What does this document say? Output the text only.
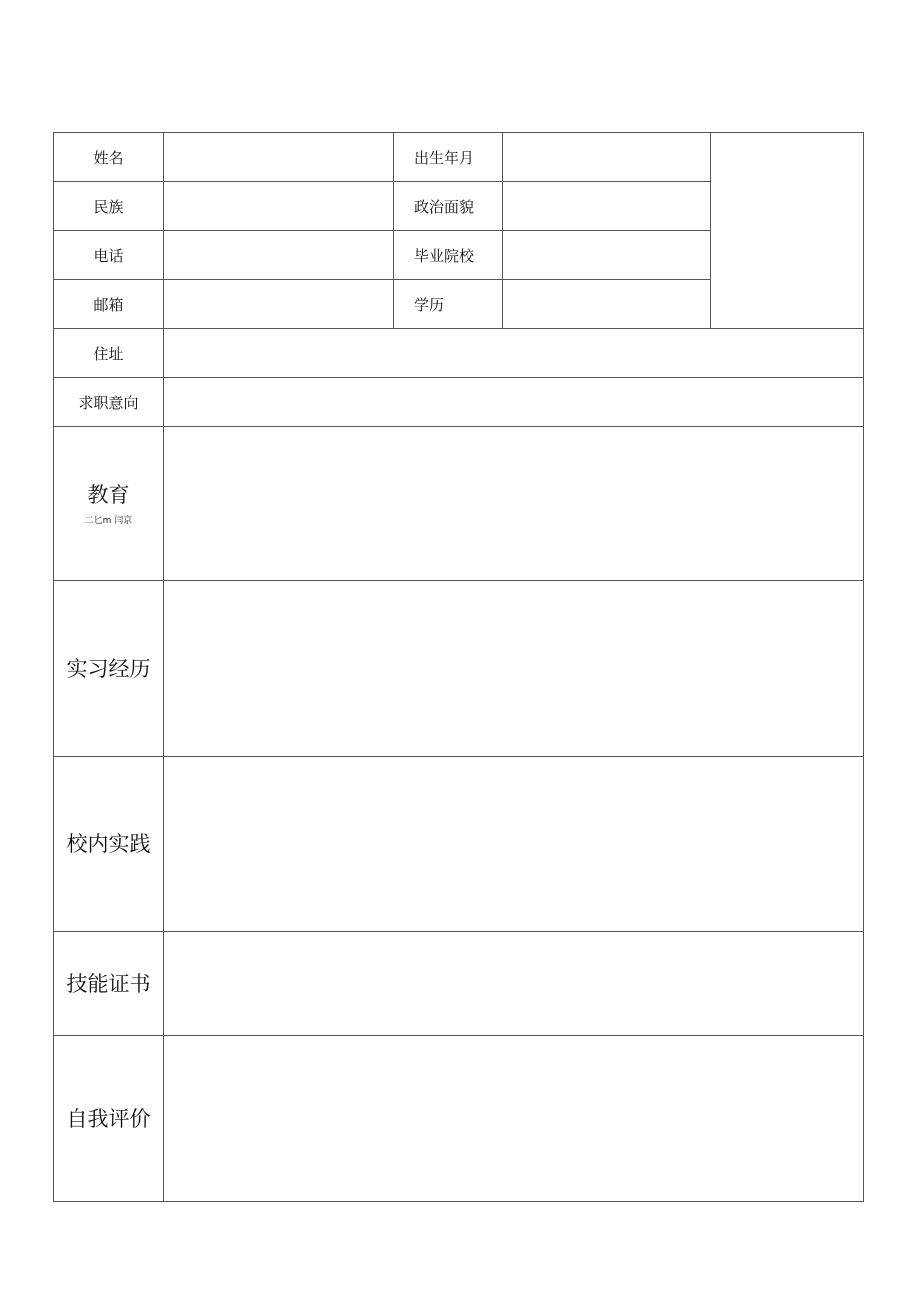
姓名		出生年月		
民族		政治面貌		
电话		毕业院校		
邮箱		学历		
住址				
求职意向				

教育
二匕m 闫京				

实习经历				

校内实践				

技能证书				

自我评价				
